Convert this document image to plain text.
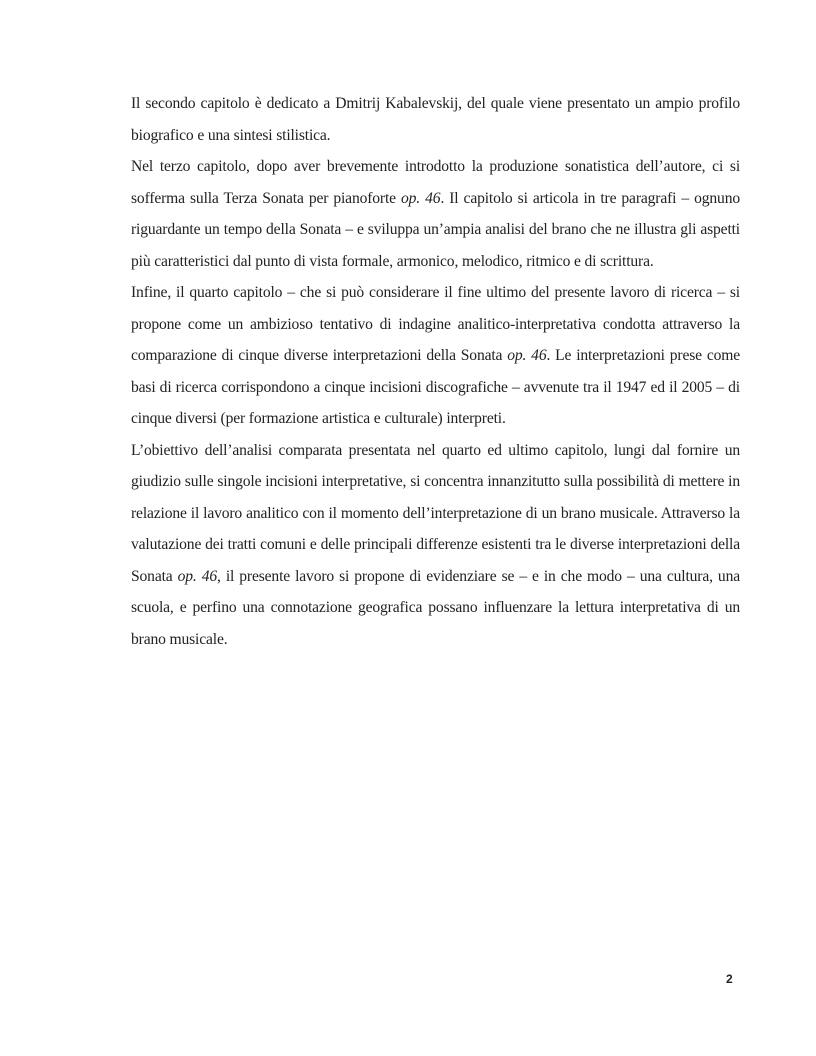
Il secondo capitolo è dedicato a Dmitrij Kabalevskij, del quale viene presentato un ampio profilo biografico e una sintesi stilistica.

Nel terzo capitolo, dopo aver brevemente introdotto la produzione sonatistica dell’autore, ci si sofferma sulla Terza Sonata per pianoforte op. 46. Il capitolo si articola in tre paragrafi – ognuno riguardante un tempo della Sonata – e sviluppa un’ampia analisi del brano che ne illustra gli aspetti più caratteristici dal punto di vista formale, armonico, melodico, ritmico e di scrittura.

Infine, il quarto capitolo – che si può considerare il fine ultimo del presente lavoro di ricerca – si propone come un ambizioso tentativo di indagine analitico-interpretativa condotta attraverso la comparazione di cinque diverse interpretazioni della Sonata op. 46. Le interpretazioni prese come basi di ricerca corrispondono a cinque incisioni discografiche – avvenute tra il 1947 ed il 2005 – di cinque diversi (per formazione artistica e culturale) interpreti.

L’obiettivo dell’analisi comparata presentata nel quarto ed ultimo capitolo, lungi dal fornire un giudizio sulle singole incisioni interpretative, si concentra innanzitutto sulla possibilità di mettere in relazione il lavoro analitico con il momento dell’interpretazione di un brano musicale. Attraverso la valutazione dei tratti comuni e delle principali differenze esistenti tra le diverse interpretazioni della Sonata op. 46, il presente lavoro si propone di evidenziare se – e in che modo – una cultura, una scuola, e perfino una connotazione geografica possano influenzare la lettura interpretativa di un brano musicale.

2
